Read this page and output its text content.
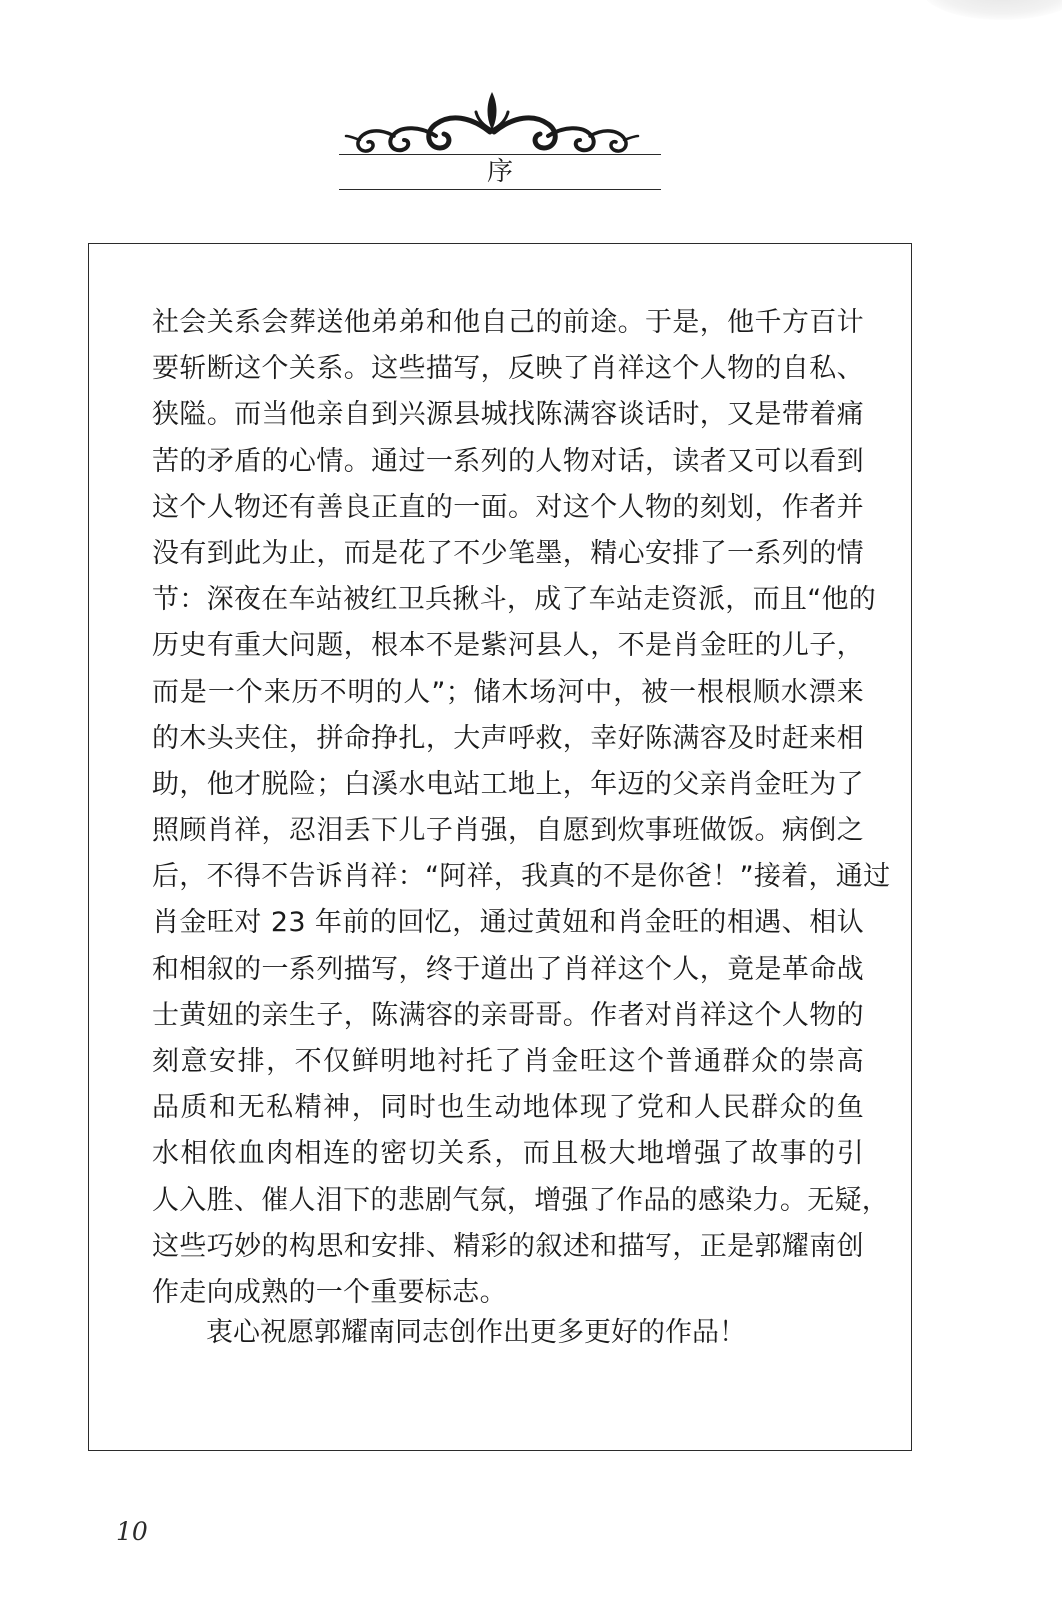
序
社会关系会葬送他弟弟和他自己的前途。于是，他千方百计
要斩断这个关系。这些描写，反映了肖祥这个人物的自私、
狭隘。而当他亲自到兴源县城找陈满容谈话时，又是带着痛
苦的矛盾的心情。通过一系列的人物对话，读者又可以看到
这个人物还有善良正直的一面。对这个人物的刻划，作者并
没有到此为止，而是花了不少笔墨，精心安排了一系列的情
节：深夜在车站被红卫兵揪斗，成了车站走资派，而且“他的
历史有重大问题，根本不是紫河县人，不是肖金旺的儿子，
而是一个来历不明的人”；储木场河中，被一根根顺水漂来
的木头夹住，拼命挣扎，大声呼救，幸好陈满容及时赶来相
助，他才脱险；白溪水电站工地上，年迈的父亲肖金旺为了
照顾肖祥，忍泪丢下儿子肖强，自愿到炊事班做饭。病倒之
后，不得不告诉肖祥：“阿祥，我真的不是你爸！”接着，通过
肖金旺对 23 年前的回忆，通过黄妞和肖金旺的相遇、相认
和相叙的一系列描写，终于道出了肖祥这个人，竟是革命战
士黄妞的亲生子，陈满容的亲哥哥。作者对肖祥这个人物的
刻意安排，不仅鲜明地衬托了肖金旺这个普通群众的崇高
品质和无私精神，同时也生动地体现了党和人民群众的鱼
水相依血肉相连的密切关系，而且极大地增强了故事的引
人入胜、催人泪下的悲剧气氛，增强了作品的感染力。无疑，
这些巧妙的构思和安排、精彩的叙述和描写，正是郭耀南创
作走向成熟的一个重要标志。
衷心祝愿郭耀南同志创作出更多更好的作品！
10
